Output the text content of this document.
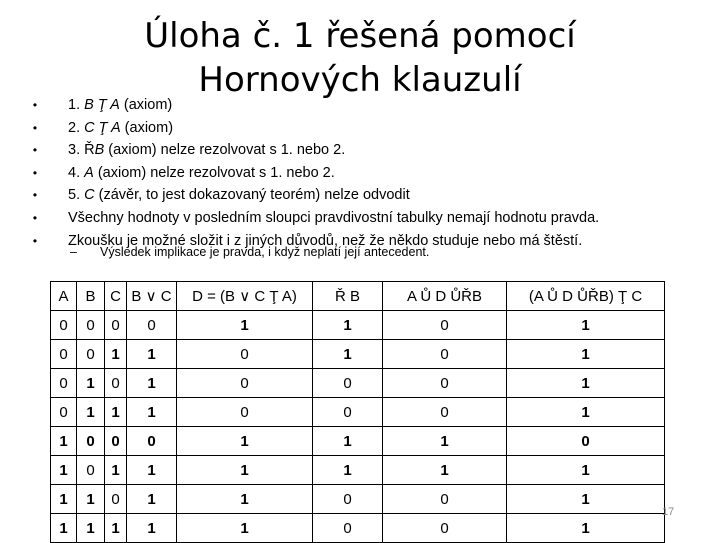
Úloha č. 1 řešená pomocí Hornových klauzulí
•	1. B Ţ A (axiom)
•	2. C Ţ A (axiom)
•	3. ŘB (axiom) nelze rezolvovat s 1. nebo 2.
•	4. A (axiom) nelze rezolvovat s 1. nebo 2.
•	5. C (závěr, to jest dokazovaný teorém) nelze odvodit
•	Všechny hodnoty v posledním sloupci pravdivostní tabulky nemají hodnotu pravda.
•	Zkoušku je možné složit i z jiných důvodů, než že někdo studuje nebo má štěstí.
– Výsledek implikace je pravda, i když neplatí její antecedent.
A	B	C	B ∨ C	D = (B ∨ C Ţ A)	Ř B	A Ů D ŮŘB	(A Ů D ŮŘB) Ţ C
0	0	0	0	1	1	0	1
0	0	1	1	0	1	0	1
0	1	0	1	0	0	0	1
0	1	1	1	0	0	0	1
1	0	0	0	1	1	1	0
1	0	1	1	1	1	1	1
1	1	0	1	1	0	0	1
1	1	1	1	1	0	0	1
17
